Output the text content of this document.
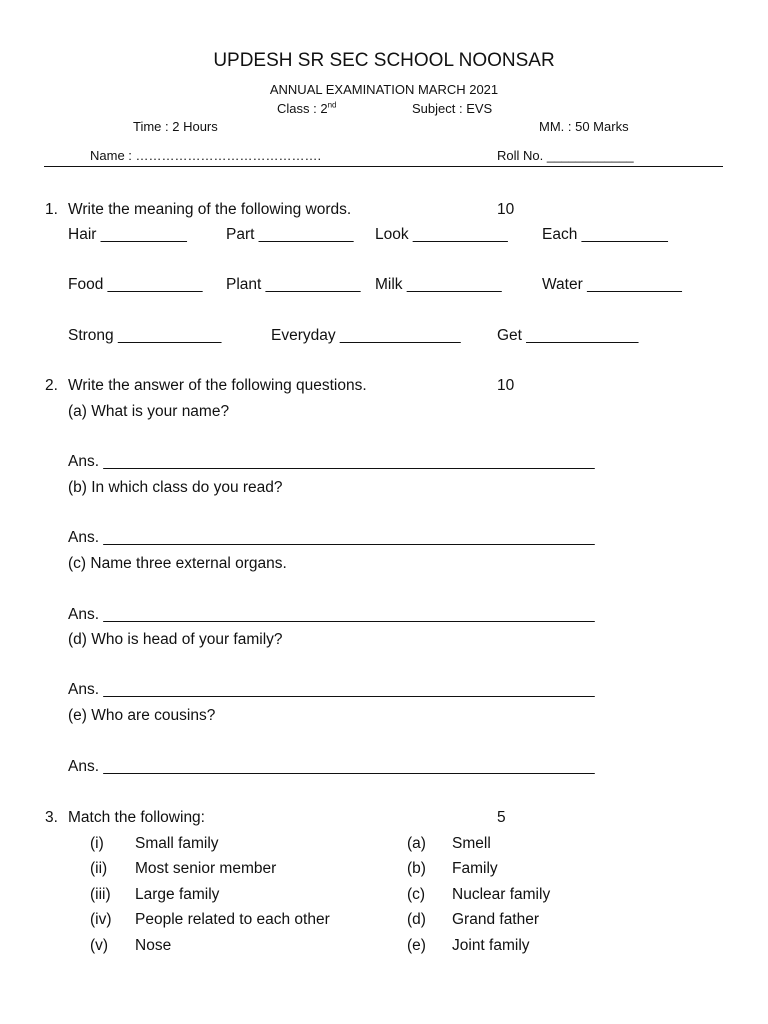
UPDESH SR SEC SCHOOL NOONSAR
ANNUAL EXAMINATION MARCH 2021
Class : 2nd	Subject : EVS
Time : 2 Hours	MM. : 50 Marks
Name : …………………………………….	Roll No. ____________
1. Write the meaning of the following words.	10
Hair __________	Part ___________ Look ___________ Each __________
Food ___________ Plant ___________ Milk ___________	Water ___________
Strong ____________	Everyday ______________ Get _____________
2. Write the answer of the following questions.	10
(a) What is your name?
Ans. _________________________________________________________
(b) In which class do you read?
Ans. _________________________________________________________
(c) Name three external organs.
Ans. _________________________________________________________
(d) Who is head of your family?
Ans. _________________________________________________________
(e) Who are cousins?
Ans. _________________________________________________________
3. Match the following:	5
(i) Small family	(a) Smell
(ii) Most senior member	(b) Family
(iii) Large family	(c) Nuclear family
(iv) People related to each other	(d) Grand father
(v) Nose	(e) Joint family
